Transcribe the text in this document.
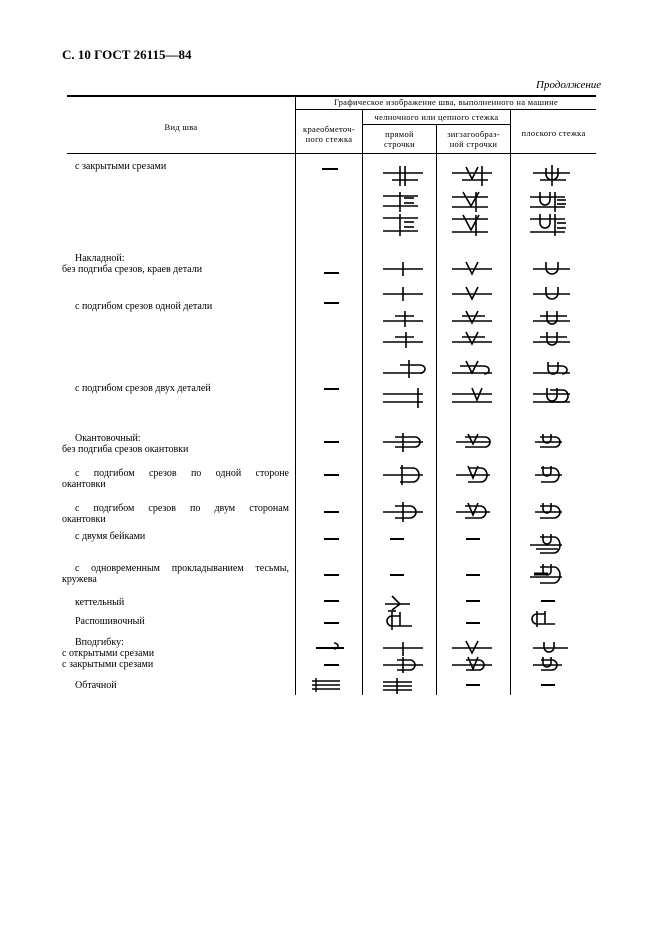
С. 10 ГОСТ 26115—84
Продолжение
Вид шва
Графическое изображение шва, выполненного на машине
краеобметоч-
ного стежка
челночного или цепного стежка
прямой
строчки
зигзагообраз-
ной строчки
плоского стежка
с закрытыми срезами
Накладной:
без подгиба срезов, краев детали
с подгибом срезов одной детали
с подгибом срезов двух деталей
Окантовочный:
без подгиба срезов окантовки
с подгибом срезов по одной стороне
окантовки
с подгибом срезов по двум сторонам
окантовки
с двумя бейками
с одновременным прокладыванием тесьмы,
кружева
кеттельный
Распошивочный
Вподгибку:
с открытыми срезами
с закрытыми срезами
Обтачной
